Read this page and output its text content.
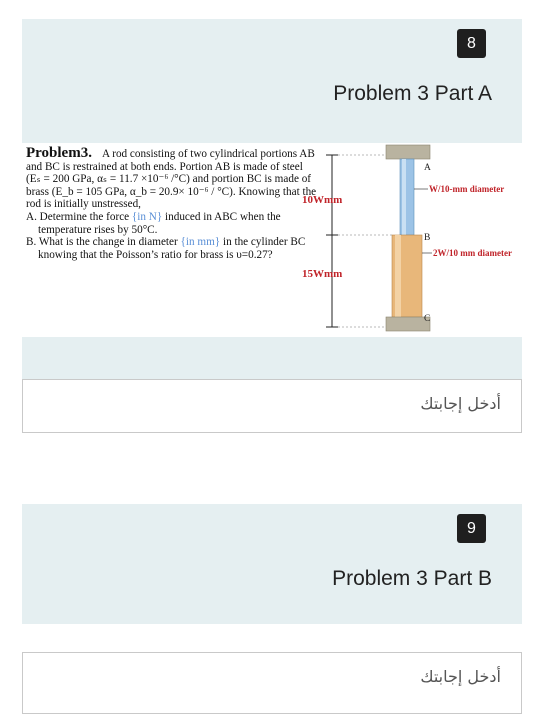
8
Problem 3 Part A
Problem3. A rod consisting of two cylindrical portions AB and BC is restrained at both ends. Portion AB is made of steel (Eₛ = 200 GPa, αₛ = 11.7 ×10⁻⁶ /°C) and portion BC is made of brass (E_b = 105 GPa, α_b = 20.9× 10⁻⁶ / °C). Knowing that the rod is initially unstressed,
A. Determine the force {in N} induced in ABC when the temperature rises by 50°C.
B. What is the change in diameter {in mm} in the cylinder BC knowing that the Poisson’s ratio for brass is υ=0.27?
A
B
C
10Wmm
15Wmm
W/10-mm diameter
2W/10 mm diameter
أدخل إجابتك
9
Problem 3 Part B
أدخل إجابتك
